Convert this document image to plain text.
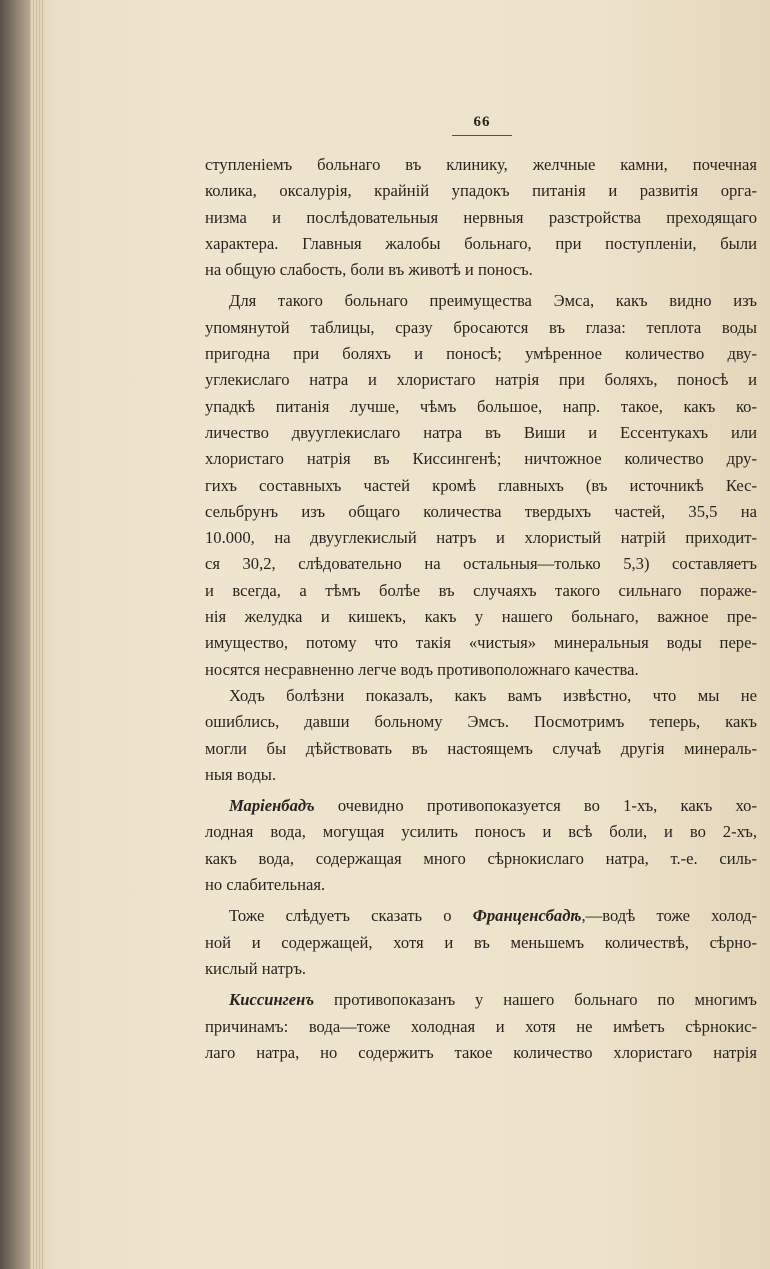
66
ступленіемъ больнаго въ клинику, желчные камни, почечная
колика, оксалурія, крайній упадокъ питанія и развитія орга-
низма и послѣдовательныя нервныя разстройства преходящаго
характера. Главныя жалобы больнаго, при поступленіи, были
на общую слабость, боли въ животѣ и поносъ.
Для такого больнаго преимущества Эмса, какъ видно изъ
упомянутой таблицы, сразу бросаются въ глаза: теплота воды
пригодна при боляхъ и поносѣ; умѣренное количество дву-
углекислаго натра и хлористаго натрія при боляхъ, поносѣ и
упадкѣ питанія лучше, чѣмъ большое, напр. такое, какъ ко-
личество двууглекислаго натра въ Виши и Ессентукахъ или
хлористаго натрія въ Киссингенѣ; ничтожное количество дру-
гихъ составныхъ частей кромѣ главныхъ (въ источникѣ Кес-
сельбрунъ изъ общаго количества твердыхъ частей, 35,5 на
10.000, на двууглекислый натръ и хлористый натрій приходит-
ся 30,2, слѣдовательно на остальныя—только 5,3) составляетъ
и всегда, а тѣмъ болѣе въ случаяхъ такого сильнаго пораже-
нія желудка и кишекъ, какъ у нашего больнаго, важное пре-
имущество, потому что такія «чистыя» минеральныя воды пере-
носятся несравненно легче водъ противоположнаго качества.
Ходъ болѣзни показалъ, какъ вамъ извѣстно, что мы не
ошиблись, давши больному Эмсъ. Посмотримъ теперь, какъ
могли бы дѣйствовать въ настоящемъ случаѣ другія минераль-
ныя воды.
Маріенбадъ очевидно противопоказуется во 1-хъ, какъ хо-
лодная вода, могущая усилить поносъ и всѣ боли, и во 2-хъ,
какъ вода, содержащая много сѣрнокислаго натра, т.-е. силь-
но слабительная.
Тоже слѣдуетъ сказать о Франценсбадѣ,—водѣ тоже холод-
ной и содержащей, хотя и въ меньшемъ количествѣ, сѣрно-
кислый натръ.
Киссингенъ противопоказанъ у нашего больнаго по многимъ
причинамъ: вода—тоже холодная и хотя не имѣетъ сѣрнокис-
лаго натра, но содержитъ такое количество хлористаго натрія
